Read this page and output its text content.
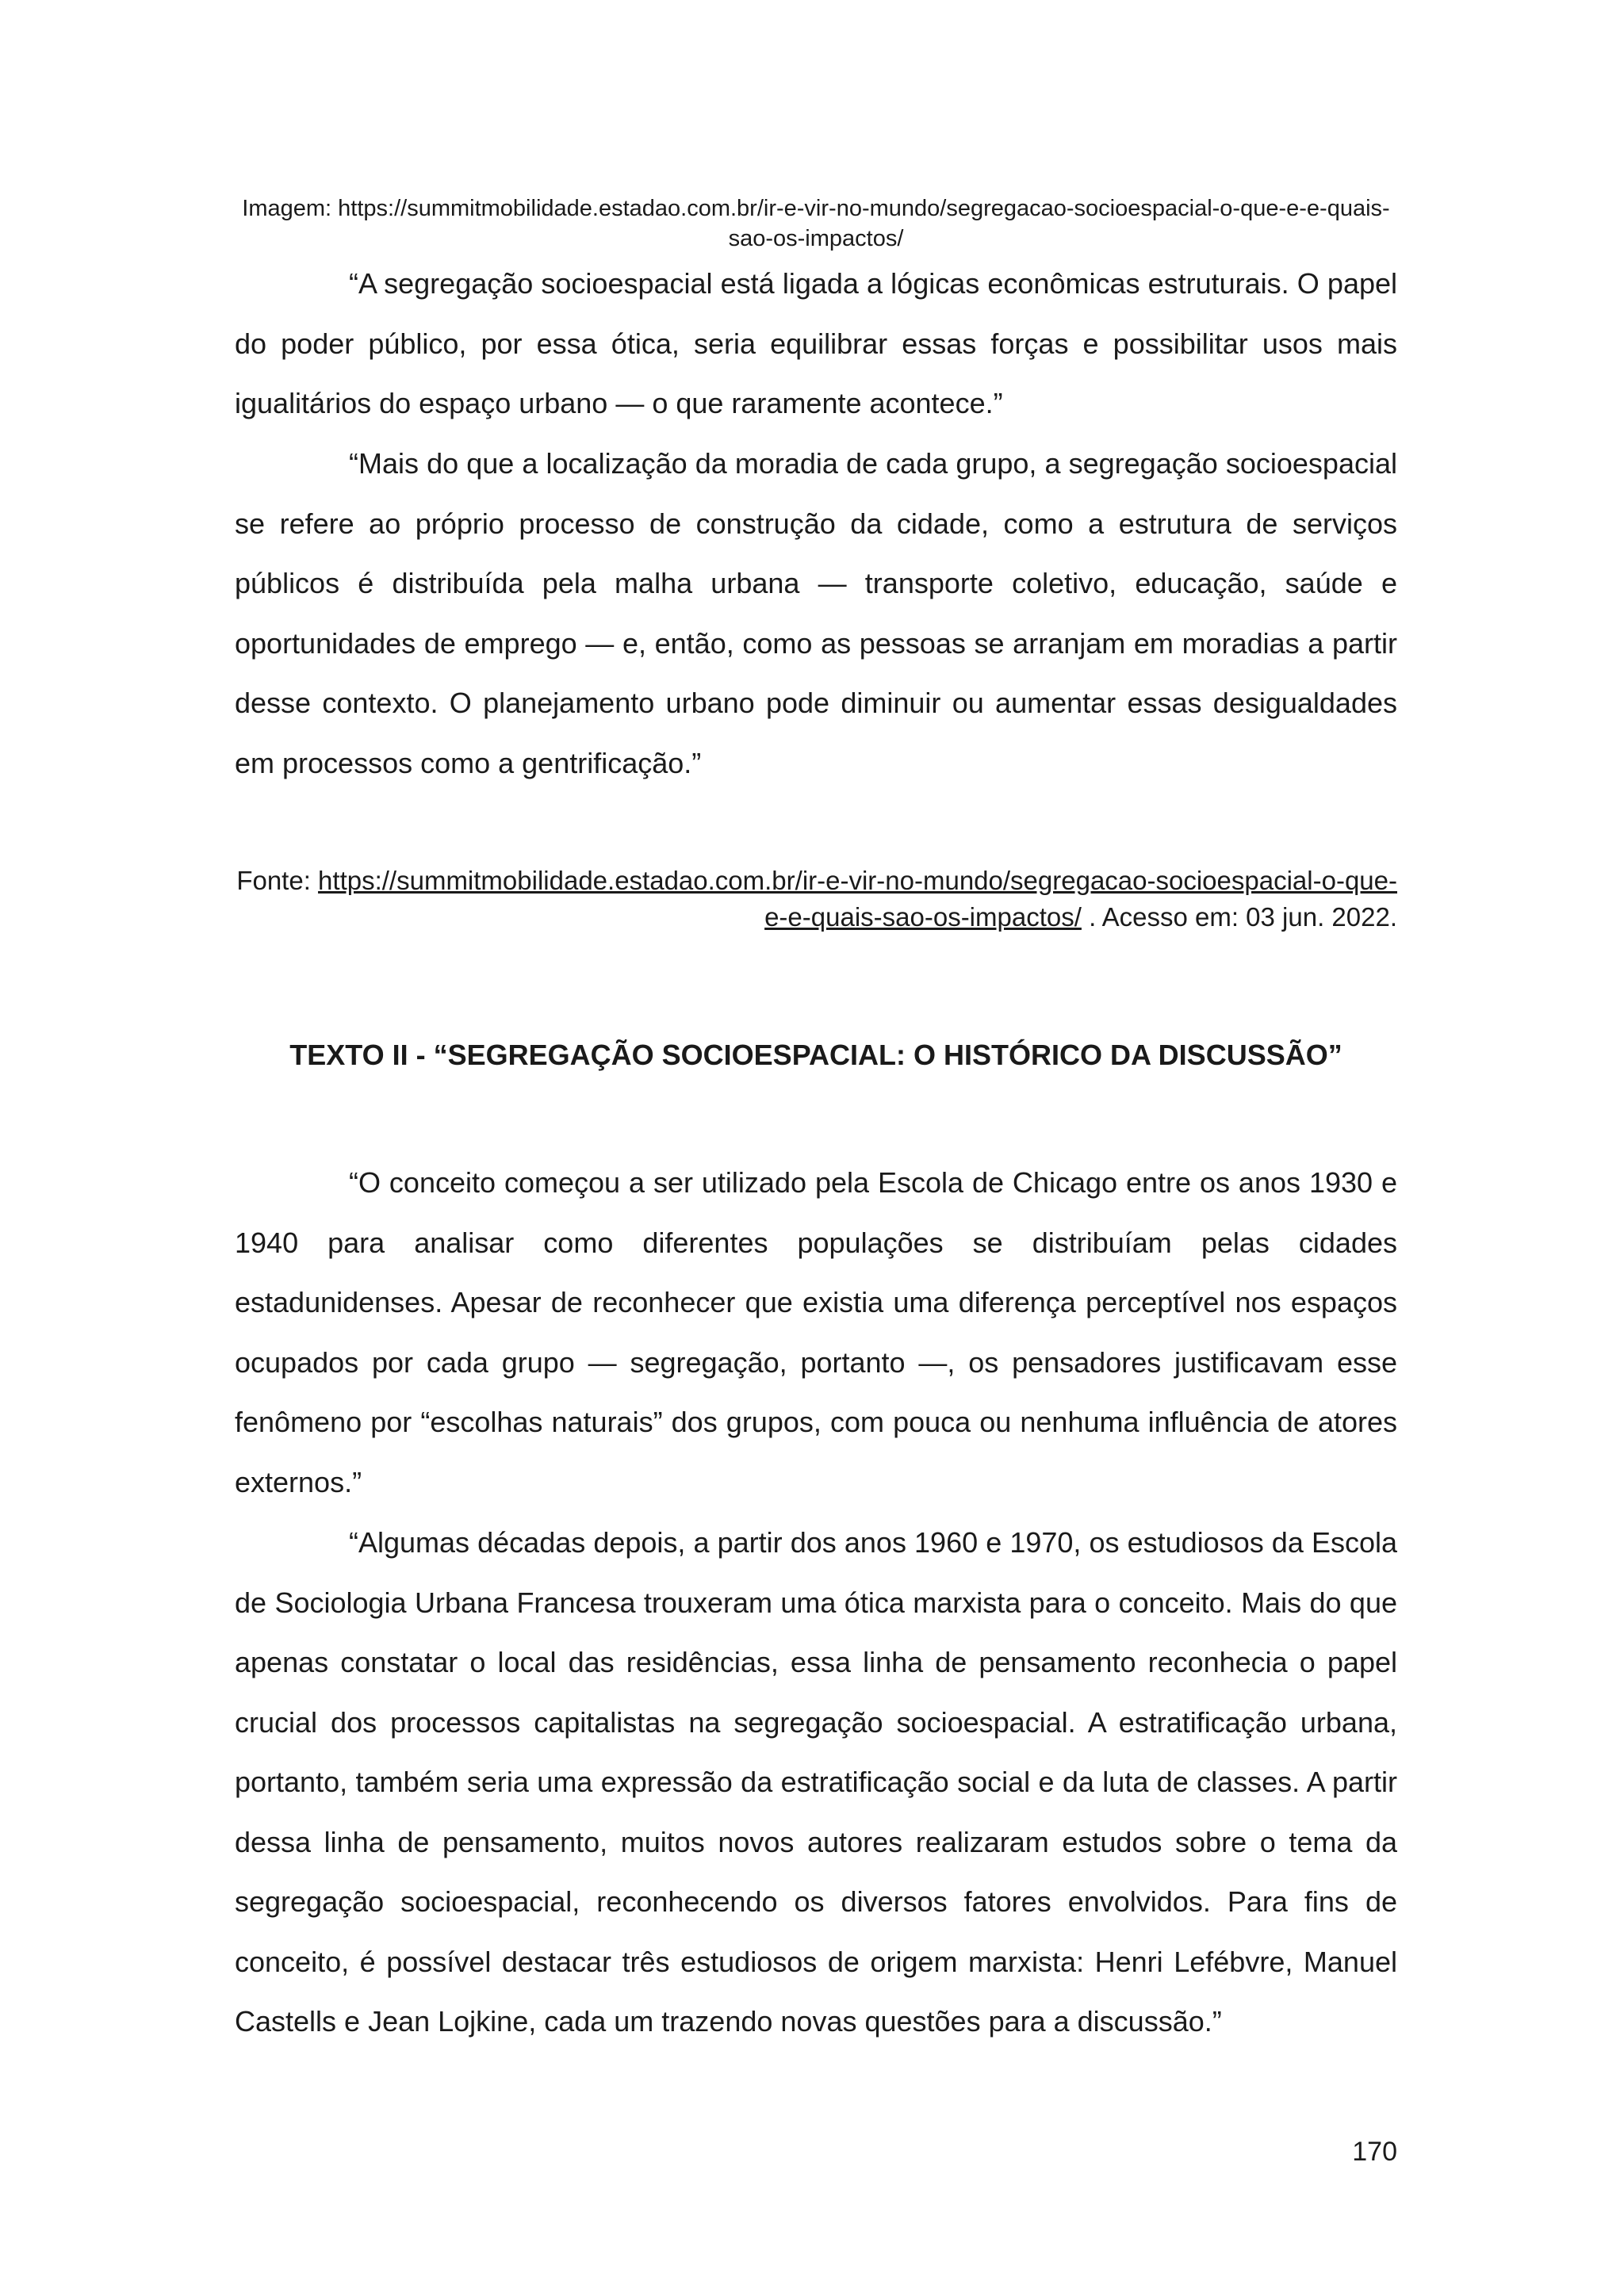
Imagem: https://summitmobilidade.estadao.com.br/ir-e-vir-no-mundo/segregacao-socioespacial-o-que-e-e-quais-sao-os-impactos/

“A segregação socioespacial está ligada a lógicas econômicas estruturais. O papel do poder público, por essa ótica, seria equilibrar essas forças e possibilitar usos mais igualitários do espaço urbano — o que raramente acontece.”

“Mais do que a localização da moradia de cada grupo, a segregação socioespacial se refere ao próprio processo de construção da cidade, como a estrutura de serviços públicos é distribuída pela malha urbana — transporte coletivo, educação, saúde e oportunidades de emprego — e, então, como as pessoas se arranjam em moradias a partir desse contexto. O planejamento urbano pode diminuir ou aumentar essas desigualdades em processos como a gentrificação.”

Fonte: https://summitmobilidade.estadao.com.br/ir-e-vir-no-mundo/segregacao-socioespacial-o-que-e-e-quais-sao-os-impactos/ . Acesso em: 03 jun. 2022.
TEXTO II - “SEGREGAÇÃO SOCIOESPACIAL: O HISTÓRICO DA DISCUSSÃO”

“O conceito começou a ser utilizado pela Escola de Chicago entre os anos 1930 e 1940 para analisar como diferentes populações se distribuíam pelas cidades estadunidenses. Apesar de reconhecer que existia uma diferença perceptível nos espaços ocupados por cada grupo — segregação, portanto —, os pensadores justificavam esse fenômeno por “escolhas naturais” dos grupos, com pouca ou nenhuma influência de atores externos.”

“Algumas décadas depois, a partir dos anos 1960 e 1970, os estudiosos da Escola de Sociologia Urbana Francesa trouxeram uma ótica marxista para o conceito. Mais do que apenas constatar o local das residências, essa linha de pensamento reconhecia o papel crucial dos processos capitalistas na segregação socioespacial. A estratificação urbana, portanto, também seria uma expressão da estratificação social e da luta de classes. A partir dessa linha de pensamento, muitos novos autores realizaram estudos sobre o tema da segregação socioespacial, reconhecendo os diversos fatores envolvidos. Para fins de conceito, é possível destacar três estudiosos de origem marxista: Henri Lefébvre, Manuel Castells e Jean Lojkine, cada um trazendo novas questões para a discussão.”

170
